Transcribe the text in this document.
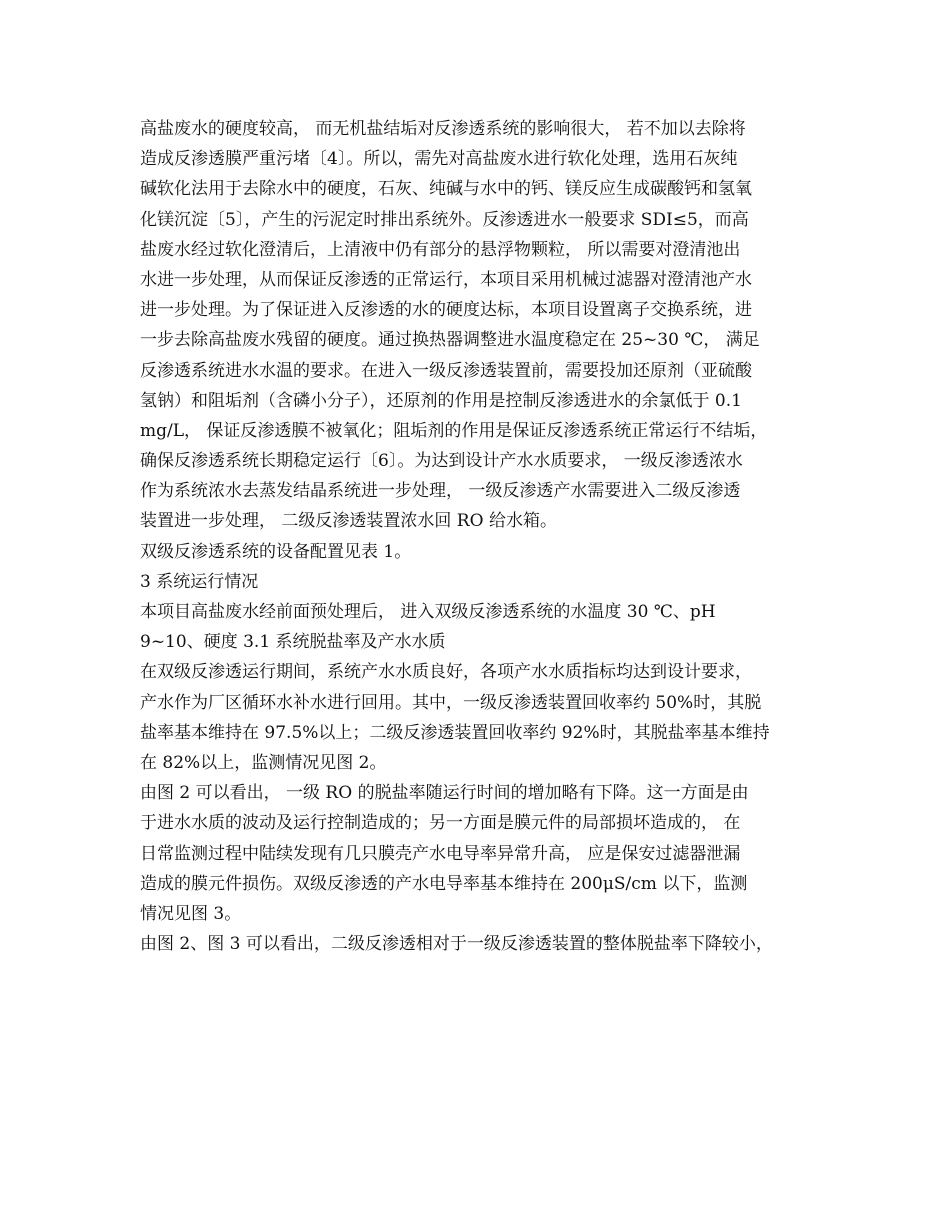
高盐废水的硬度较高， 而无机盐结垢对反渗透系统的影响很大， 若不加以去除将
造成反渗透膜严重污堵〔4〕。所以，需先对高盐废水进行软化处理，选用石灰纯
碱软化法用于去除水中的硬度，石灰、纯碱与水中的钙、镁反应生成碳酸钙和氢氧
化镁沉淀〔5〕，产生的污泥定时排出系统外。反渗透进水一般要求 SDI≤5，而高
盐废水经过软化澄清后，上清液中仍有部分的悬浮物颗粒， 所以需要对澄清池出
水进一步处理，从而保证反渗透的正常运行，本项目采用机械过滤器对澄清池产水
进一步处理。为了保证进入反渗透的水的硬度达标，本项目设置离子交换系统，进
一步去除高盐废水残留的硬度。通过换热器调整进水温度稳定在 25~30 ℃， 满足
反渗透系统进水水温的要求。在进入一级反渗透装置前，需要投加还原剂（亚硫酸
氢钠）和阻垢剂（含磷小分子），还原剂的作用是控制反渗透进水的余氯低于 0.1
mg/L， 保证反渗透膜不被氧化；阻垢剂的作用是保证反渗透系统正常运行不结垢，
确保反渗透系统长期稳定运行〔6〕。为达到设计产水水质要求， 一级反渗透浓水
作为系统浓水去蒸发结晶系统进一步处理， 一级反渗透产水需要进入二级反渗透
装置进一步处理， 二级反渗透装置浓水回 RO 给水箱。
双级反渗透系统的设备配置见表 1。
3 系统运行情况
本项目高盐废水经前面预处理后， 进入双级反渗透系统的水温度 30 ℃、pH
9~10、硬度 3.1 系统脱盐率及产水水质
在双级反渗透运行期间，系统产水水质良好，各项产水水质指标均达到设计要求，
产水作为厂区循环水补水进行回用。其中，一级反渗透装置回收率约 50%时，其脱
盐率基本维持在 97.5%以上；二级反渗透装置回收率约 92%时，其脱盐率基本维持
在 82%以上，监测情况见图 2。
由图 2 可以看出， 一级 RO 的脱盐率随运行时间的增加略有下降。这一方面是由
于进水水质的波动及运行控制造成的；另一方面是膜元件的局部损坏造成的， 在
日常监测过程中陆续发现有几只膜壳产水电导率异常升高， 应是保安过滤器泄漏
造成的膜元件损伤。双级反渗透的产水电导率基本维持在 200μS/cm 以下，监测
情况见图 3。
由图 2、图 3 可以看出，二级反渗透相对于一级反渗透装置的整体脱盐率下降较小，
